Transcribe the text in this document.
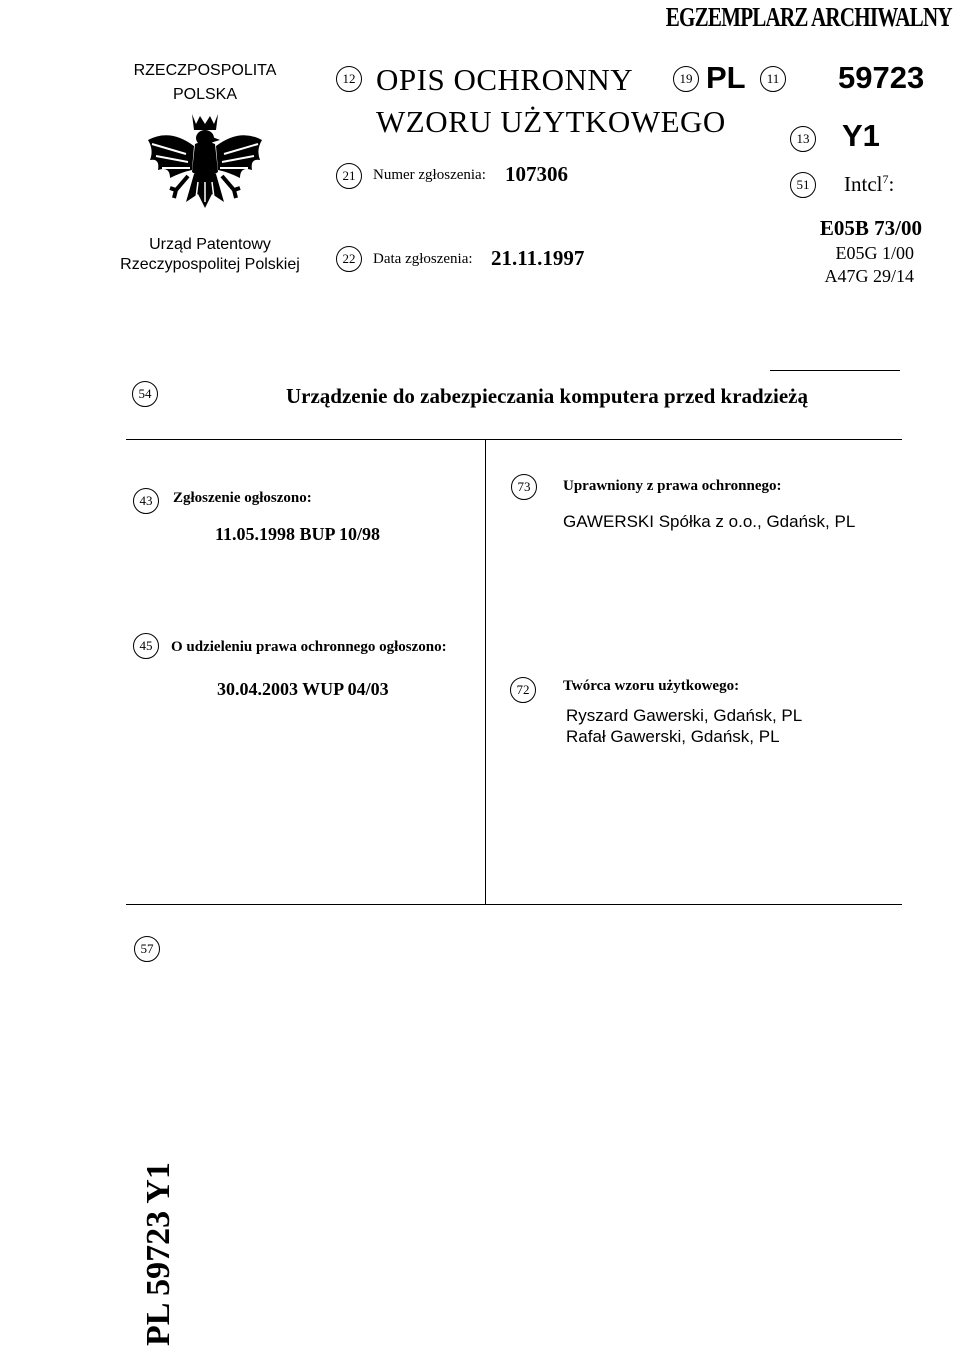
EGZEMPLARZ ARCHIWALNY
RZECZPOSPOLITA
POLSKA
Urząd Patentowy
Rzeczypospolitej Polskiej
12 OPIS OCHRONNY
WZORU UŻYTKOWEGO
19 PL	11 59723
13 Y1
21	Numer zgłoszenia: 107306
22	Data zgłoszenia: 21.11.1997
51	Intcl$^7$:
E05B 73/00
E05G 1/00
A47G 29/14
54	Urządzenie do zabezpieczania komputera przed kradzieżą
43	Zgłoszenie ogłoszono:
11.05.1998 BUP 10/98
73	Uprawniony z prawa ochronnego:
GAWERSKI Spółka z o.o., Gdańsk, PL
45	O udzieleniu prawa ochronnego ogłoszono:
30.04.2003 WUP 04/03	72	Twórca wzoru użytkowego:
Ryszard Gawerski, Gdańsk, PL
Rafał Gawerski, Gdańsk, PL
57
PL 59723 Y1
